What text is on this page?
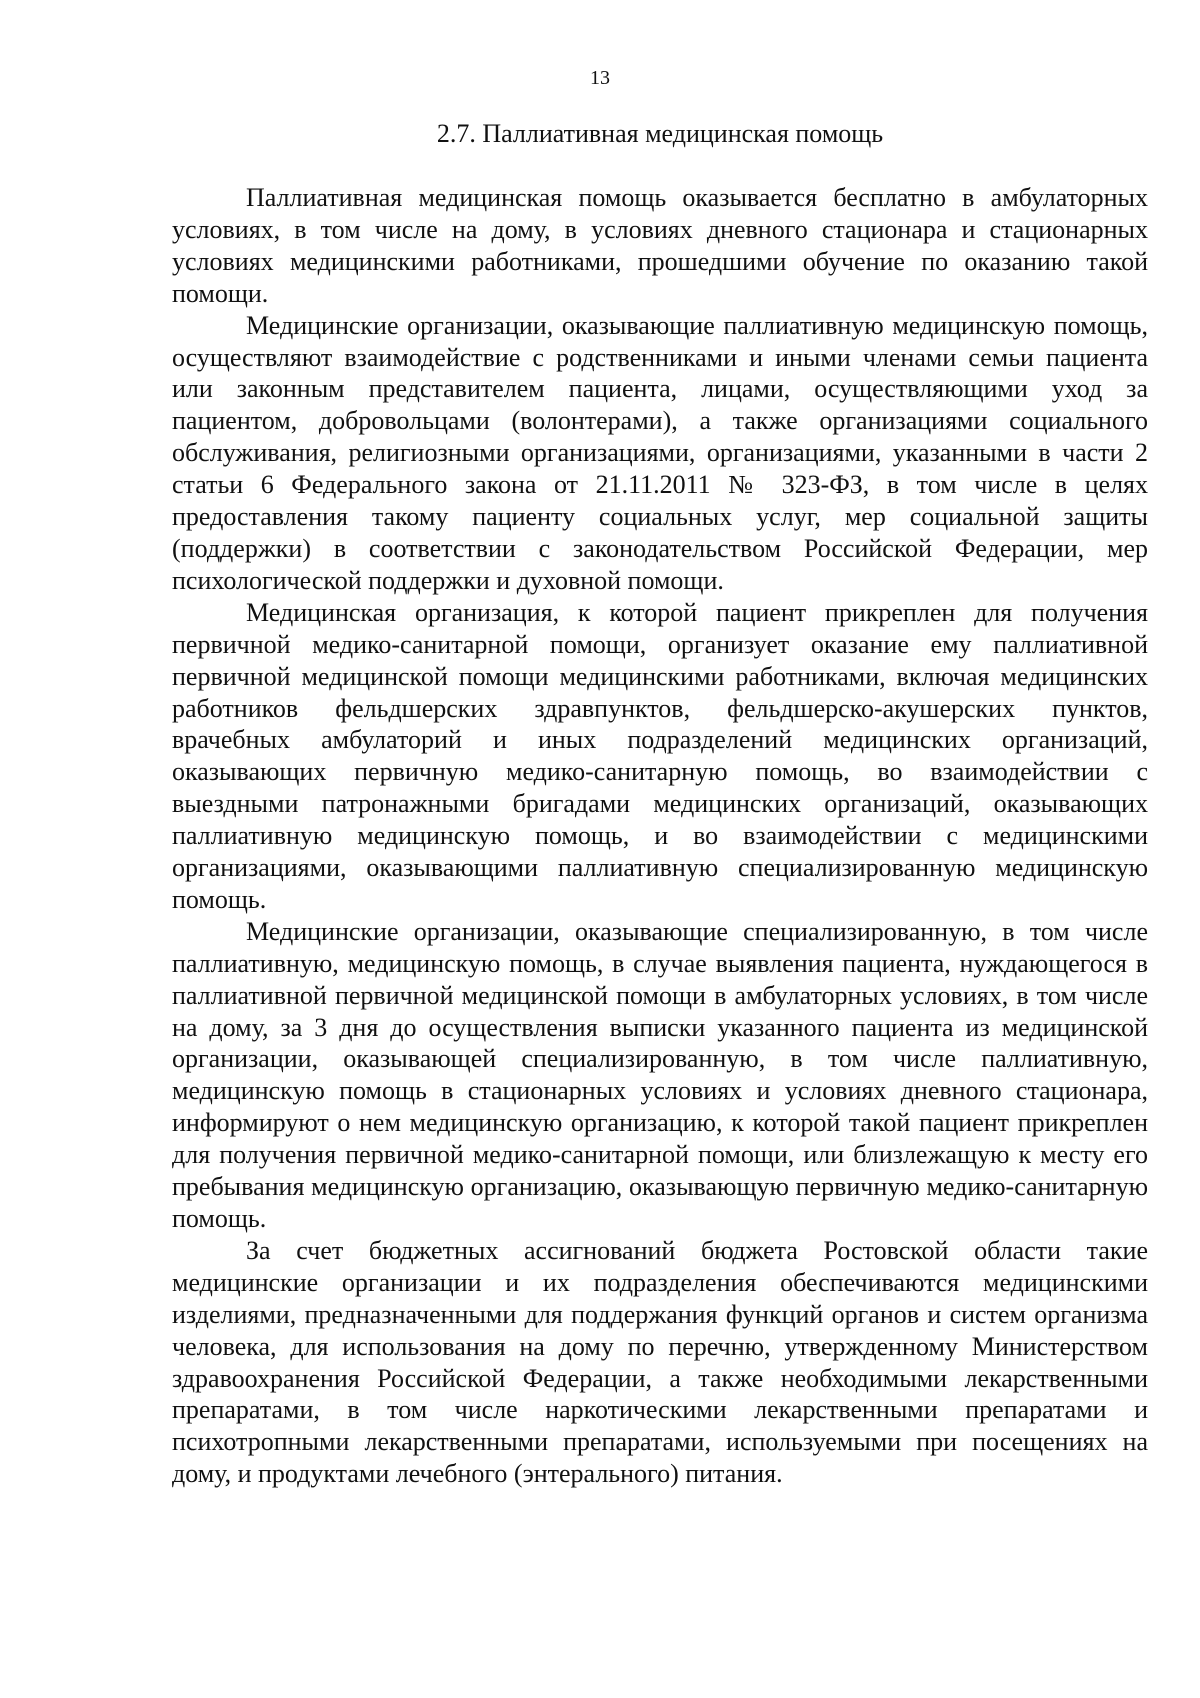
13
2.7. Паллиативная медицинская помощь

Паллиативная медицинская помощь оказывается бесплатно в амбулаторных условиях, в том числе на дому, в условиях дневного стационара и стационарных условиях медицинскими работниками, прошедшими обучение по оказанию такой помощи.

Медицинские организации, оказывающие паллиативную медицинскую помощь, осуществляют взаимодействие с родственниками и иными членами семьи пациента или законным представителем пациента, лицами, осуществляющими уход за пациентом, добровольцами (волонтерами), а также организациями социального обслуживания, религиозными организациями, организациями, указанными в части 2 статьи 6 Федерального закона от 21.11.2011 № 323-ФЗ, в том числе в целях предоставления такому пациенту социальных услуг, мер социальной защиты (поддержки) в соответствии с законодательством Российской Федерации, мер психологической поддержки и духовной помощи.

Медицинская организация, к которой пациент прикреплен для получения первичной медико-санитарной помощи, организует оказание ему паллиативной первичной медицинской помощи медицинскими работниками, включая медицинских работников фельдшерских здравпунктов, фельдшерско-акушерских пунктов, врачебных амбулаторий и иных подразделений медицинских организаций, оказывающих первичную медико-санитарную помощь, во взаимодействии с выездными патронажными бригадами медицинских организаций, оказывающих паллиативную медицинскую помощь, и во взаимодействии с медицинскими организациями, оказывающими паллиативную специализированную медицинскую помощь.

Медицинские организации, оказывающие специализированную, в том числе паллиативную, медицинскую помощь, в случае выявления пациента, нуждающегося в паллиативной первичной медицинской помощи в амбулаторных условиях, в том числе на дому, за 3 дня до осуществления выписки указанного пациента из медицинской организации, оказывающей специализированную, в том числе паллиативную, медицинскую помощь в стационарных условиях и условиях дневного стационара, информируют о нем медицинскую организацию, к которой такой пациент прикреплен для получения первичной медико-санитарной помощи, или близлежащую к месту его пребывания медицинскую организацию, оказывающую первичную медико-санитарную помощь.

За счет бюджетных ассигнований бюджета Ростовской области такие медицинские организации и их подразделения обеспечиваются медицинскими изделиями, предназначенными для поддержания функций органов и систем организма человека, для использования на дому по перечню, утвержденному Министерством здравоохранения Российской Федерации, а также необходимыми лекарственными препаратами, в том числе наркотическими лекарственными препаратами и психотропными лекарственными препаратами, используемыми при посещениях на дому, и продуктами лечебного (энтерального) питания.
